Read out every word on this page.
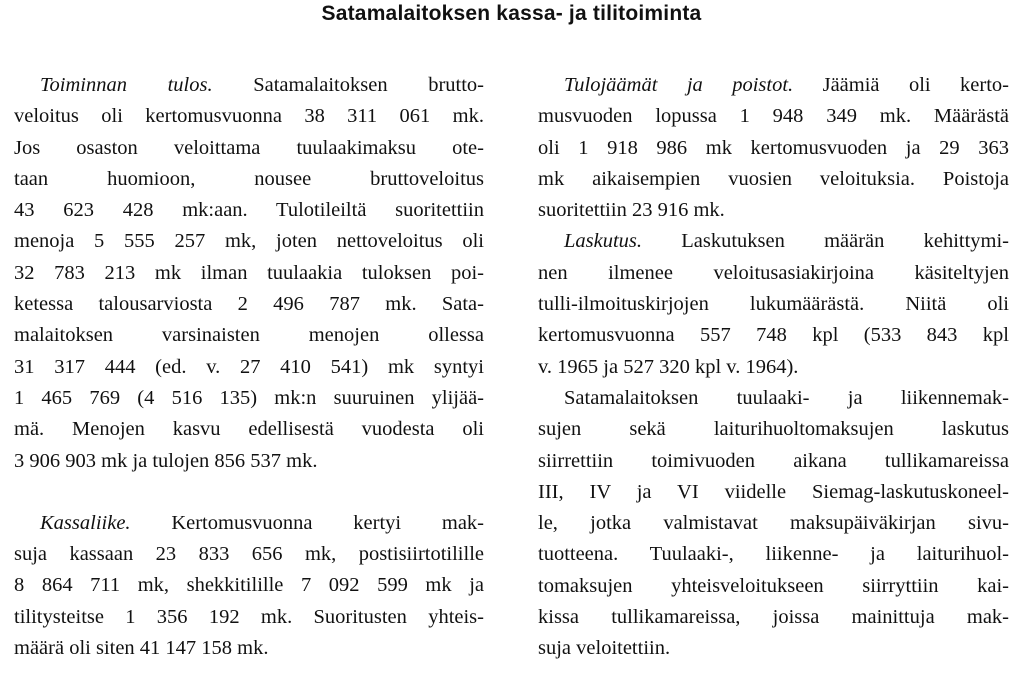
Satamalaitoksen kassa- ja tilitoiminta
Toiminnan tulos. Satamalaitoksen brutto-
veloitus oli kertomusvuonna 38 311 061 mk.
Jos osaston veloittama tuulaakimaksu ote-
taan huomioon, nousee bruttoveloitus
43 623 428 mk:aan. Tulotileiltä suoritettiin
menoja 5 555 257 mk, joten nettoveloitus oli
32 783 213 mk ilman tuulaakia tuloksen poi-
ketessa talousarviosta 2 496 787 mk. Sata-
malaitoksen varsinaisten menojen ollessa
31 317 444 (ed. v. 27 410 541) mk syntyi
1 465 769 (4 516 135) mk:n suuruinen ylijää-
mä. Menojen kasvu edellisestä vuodesta oli
3 906 903 mk ja tulojen 856 537 mk.
Kassaliike. Kertomusvuonna kertyi mak-
suja kassaan 23 833 656 mk, postisiirtotilille
8 864 711 mk, shekkitilille 7 092 599 mk ja
tilitysteitse 1 356 192 mk. Suoritusten yhteis-
määrä oli siten 41 147 158 mk.
Tulojäämät ja poistot. Jäämiä oli kerto-
musvuoden lopussa 1 948 349 mk. Määrästä
oli 1 918 986 mk kertomusvuoden ja 29 363
mk aikaisempien vuosien veloituksia. Poistoja
suoritettiin 23 916 mk.
Laskutus. Laskutuksen määrän kehittymi-
nen ilmenee veloitusasiakirjoina käsiteltyjen
tulli-ilmoituskirjojen lukumäärästä. Niitä oli
kertomusvuonna 557 748 kpl (533 843 kpl
v. 1965 ja 527 320 kpl v. 1964).
Satamalaitoksen tuulaaki- ja liikennemak-
sujen sekä laiturihuoltomaksujen laskutus
siirrettiin toimivuoden aikana tullikamareissa
III, IV ja VI viidelle Siemag-laskutuskoneel-
le, jotka valmistavat maksupäiväkirjan sivu-
tuotteena. Tuulaaki-, liikenne- ja laiturihuol-
tomaksujen yhteisveloitukseen siirryttiin kai-
kissa tullikamareissa, joissa mainittuja mak-
suja veloitettiin.
